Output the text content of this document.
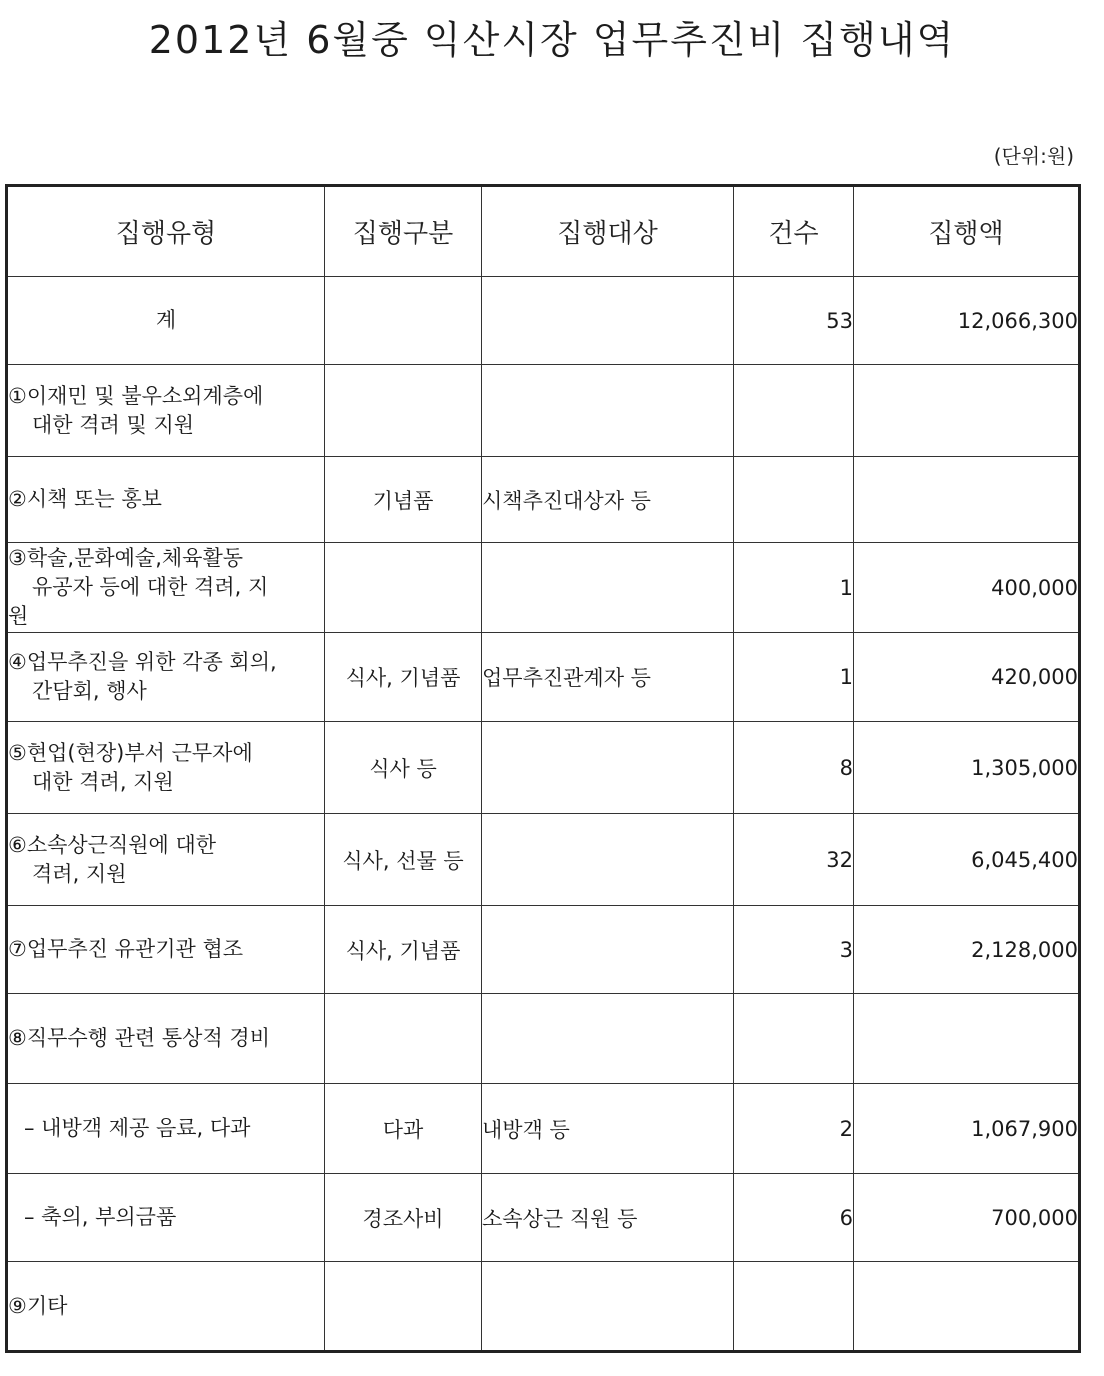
2012년 6월중 익산시장 업무추진비 집행내역
(단위:원)
집행유형	집행구분	집행대상	건수	집행액
계			53	12,066,300
①이재민 및 불우소외계층에
대한 격려 및 지원				

②시책 또는 홍보	기념품	시책추진대상자 등		
③학술,문화예술,체육활동
유공자 등에 대한 격려, 지
원			1	400,000
④업무추진을 위한 각종 회의,
간담회, 행사	식사, 기념품	업무추진관계자 등	1	420,000
⑤현업(현장)부서 근무자에
대한 격려, 지원	식사 등		8	1,305,000
⑥소속상근직원에 대한
격려, 지원	식사, 선물 등		32	6,045,400
⑦업무추진 유관기관 협조	식사, 기념품		3	2,128,000
⑧직무수행 관련 통상적 경비				
– 내방객 제공 음료, 다과	다과	내방객 등	2	1,067,900
– 축의, 부의금품	경조사비	소속상근 직원 등	6	700,000
⑨기타				
